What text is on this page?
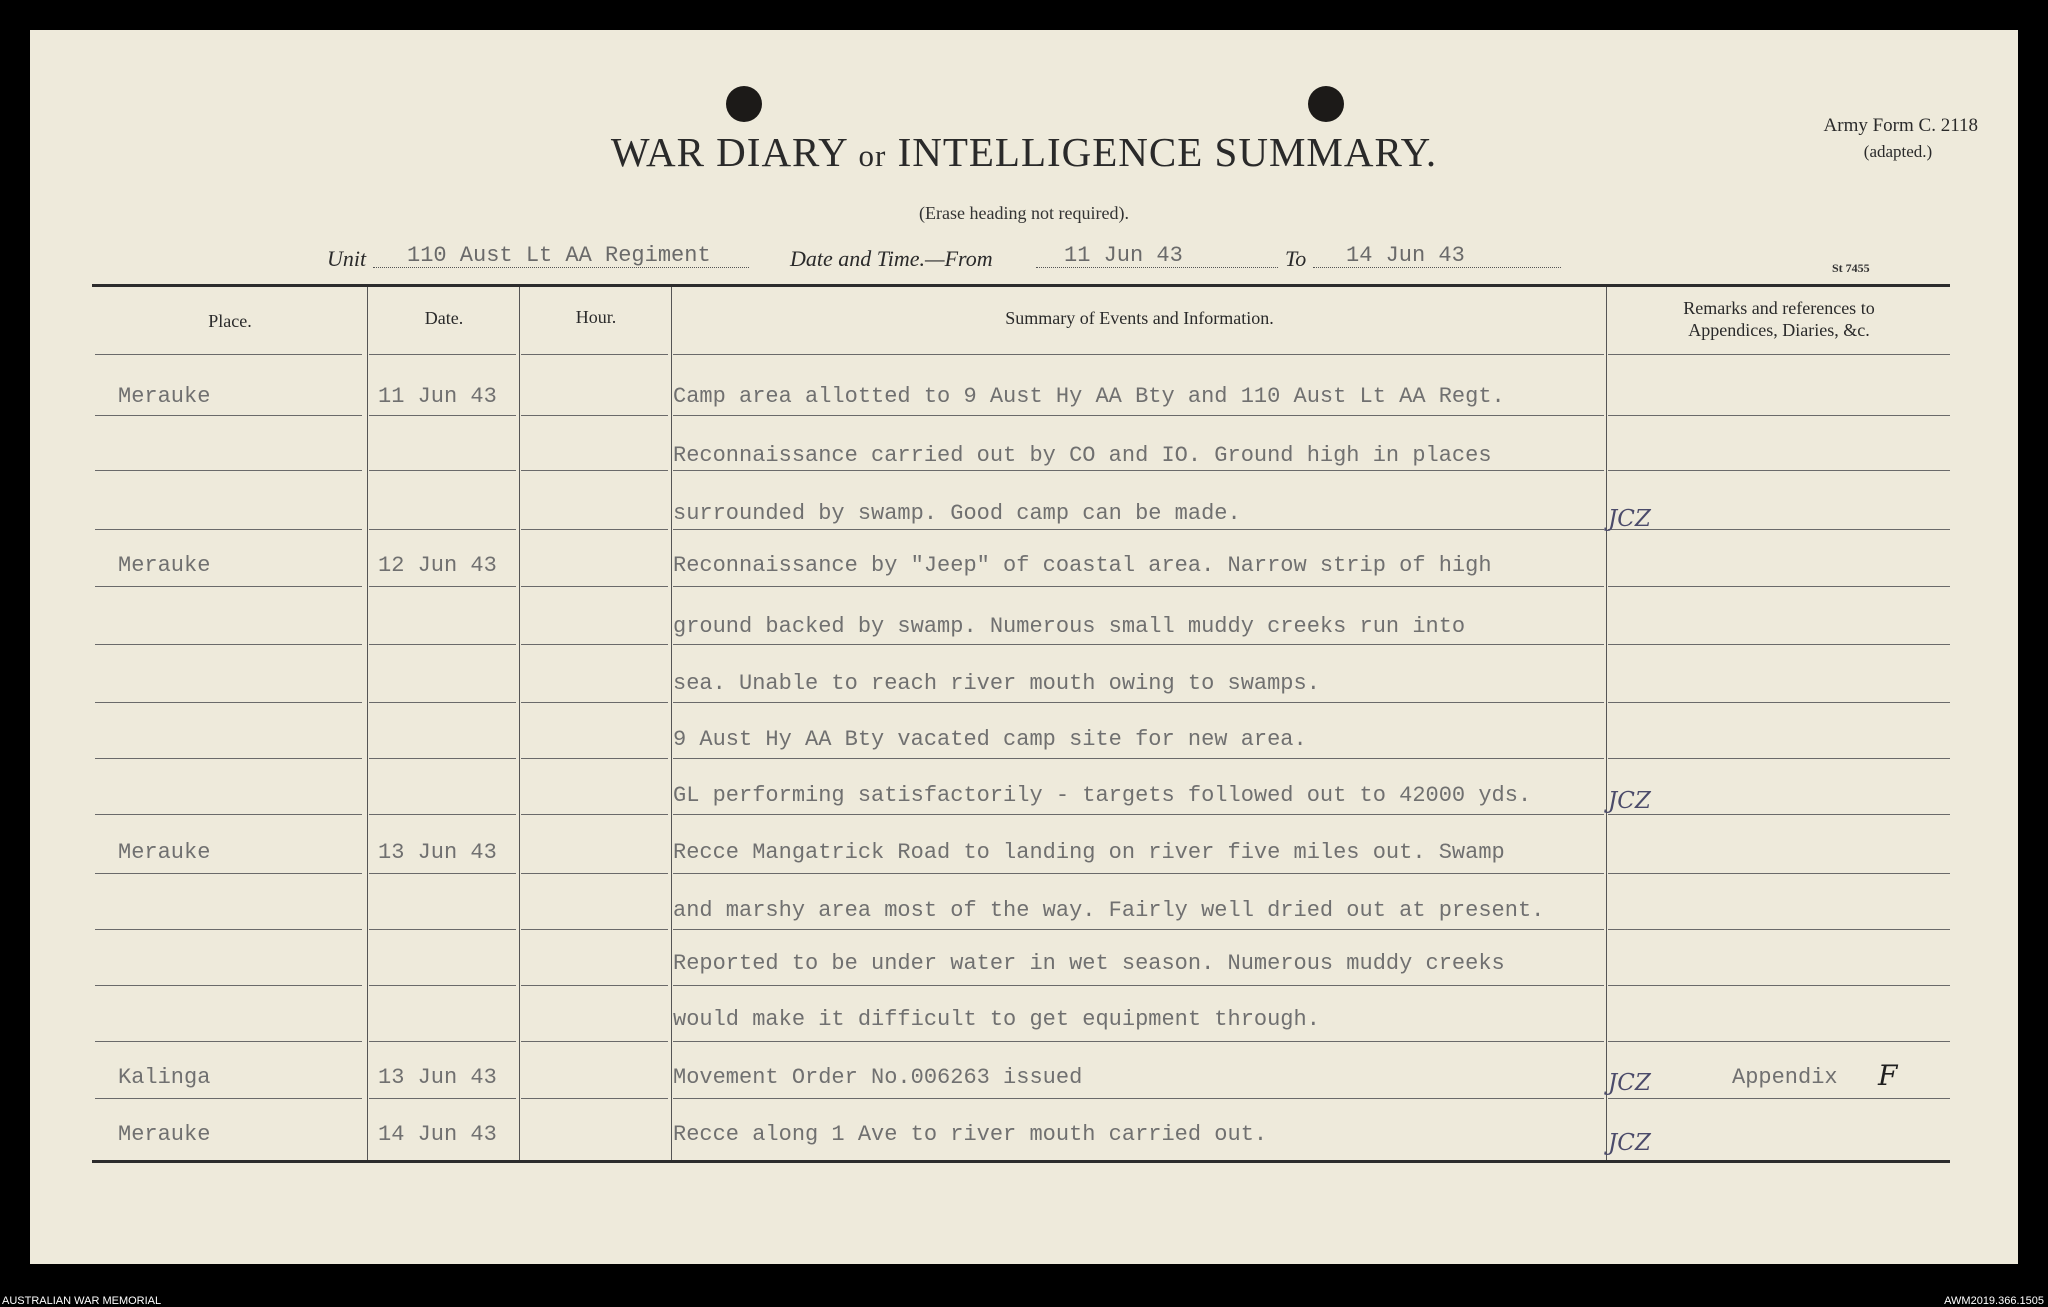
WAR DIARY or INTELLIGENCE SUMMARY.
(Erase heading not required).
Army Form C. 2118
(adapted.)
St 7455
Unit 110 Aust Lt AA Regiment	Date and Time.—From	11 Jun 43	To 14 Jun 43
Place.	Date.	Hour.	Summary of Events and Information.	Remarks and references to
Appendices, Diaries, &c.
Merauke	11 Jun 43	Camp area allotted to 9 Aust Hy AA Bty and 110 Aust Lt AA Regt.
Reconnaissance carried out by CO and IO. Ground high in places
surrounded by swamp. Good camp can be made.	JCZ
Merauke	12 Jun 43	Reconnaissance by "Jeep" of coastal area. Narrow strip of high
ground backed by swamp. Numerous small muddy creeks run into
sea. Unable to reach river mouth owing to swamps.
9 Aust Hy AA Bty vacated camp site for new area.
GL performing satisfactorily - targets followed out to 42000 yds.	JCZ
Merauke	13 Jun 43	Recce Mangatrick Road to landing on river five miles out. Swamp
and marshy area most of the way. Fairly well dried out at present.
Reported to be under water in wet season. Numerous muddy creeks
would make it difficult to get equipment through.
Kalinga	13 Jun 43	Movement Order No.006263 issued	JCZ	Appendix F
Merauke	14 Jun 43	Recce along 1 Ave to river mouth carried out.	JCZ
AUSTRALIAN WAR MEMORIAL	AWM2019.366.1505
